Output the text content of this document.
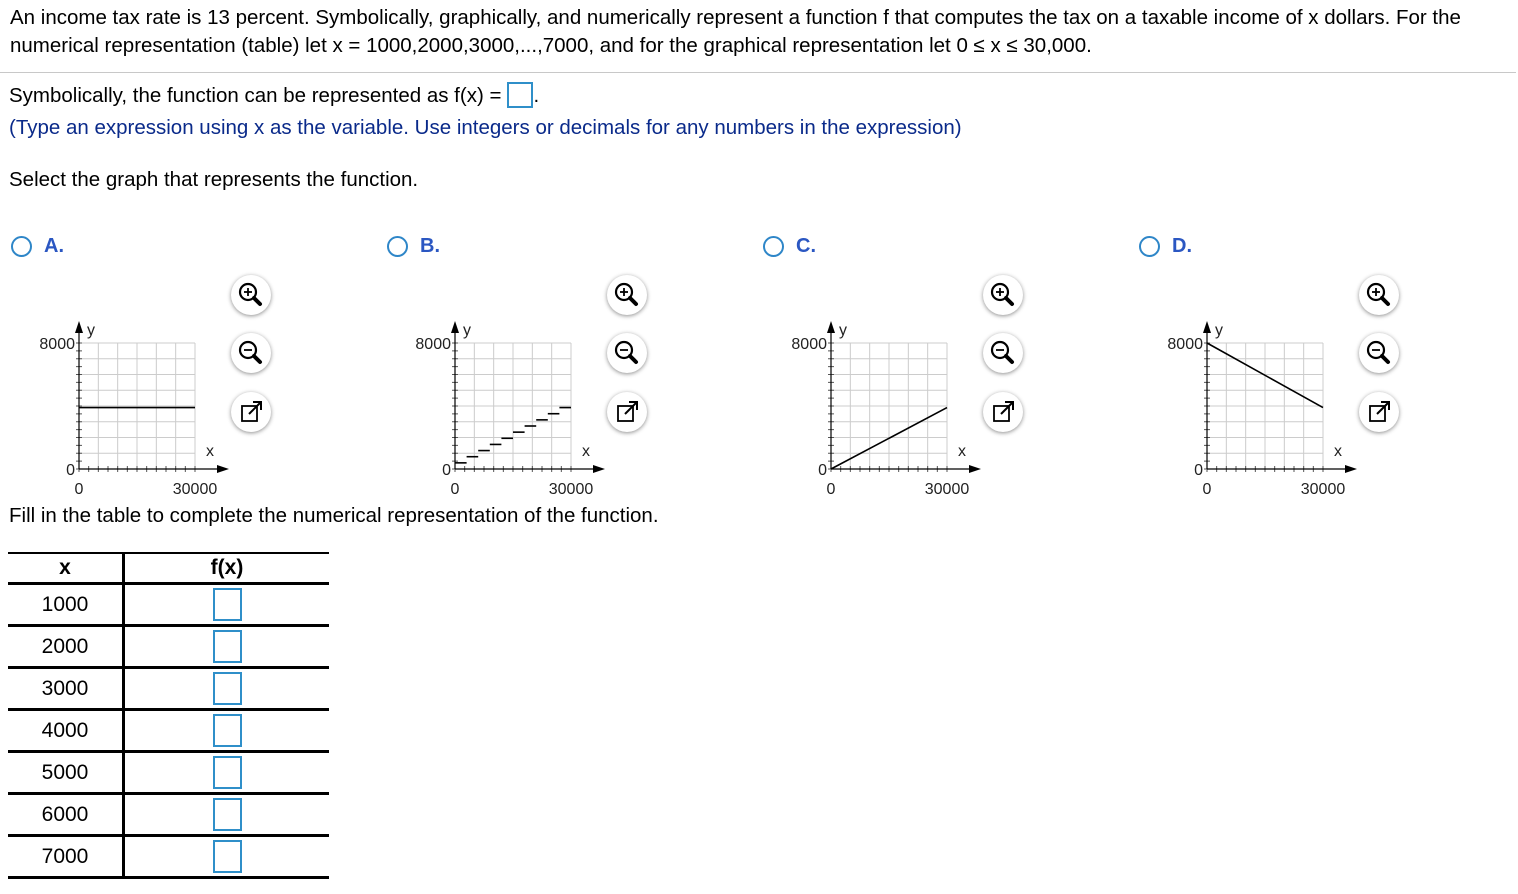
An income tax rate is 13 percent. Symbolically, graphically, and numerically represent a function f that computes the tax on a taxable income of x dollars. For the numerical representation (table) let x = 1000,2000,3000,...,7000, and for the graphical representation let 0 ≤ x ≤ 30,000.

Symbolically, the function can be represented as f(x) = .
(Type an expression using x as the variable. Use integers or decimals for any numbers in the expression)
Select the graph that represents the function.
A.
y
x
8000
0
0	30000
B.
y
x
8000
0
0	30000
C.
y
x
8000
0
0	30000
D.
y
x
8000
0
0	30000
Fill in the table to complete the numerical representation of the function.
x	f(x)
1000	
2000	
3000	
4000	
5000	
6000	
7000	
